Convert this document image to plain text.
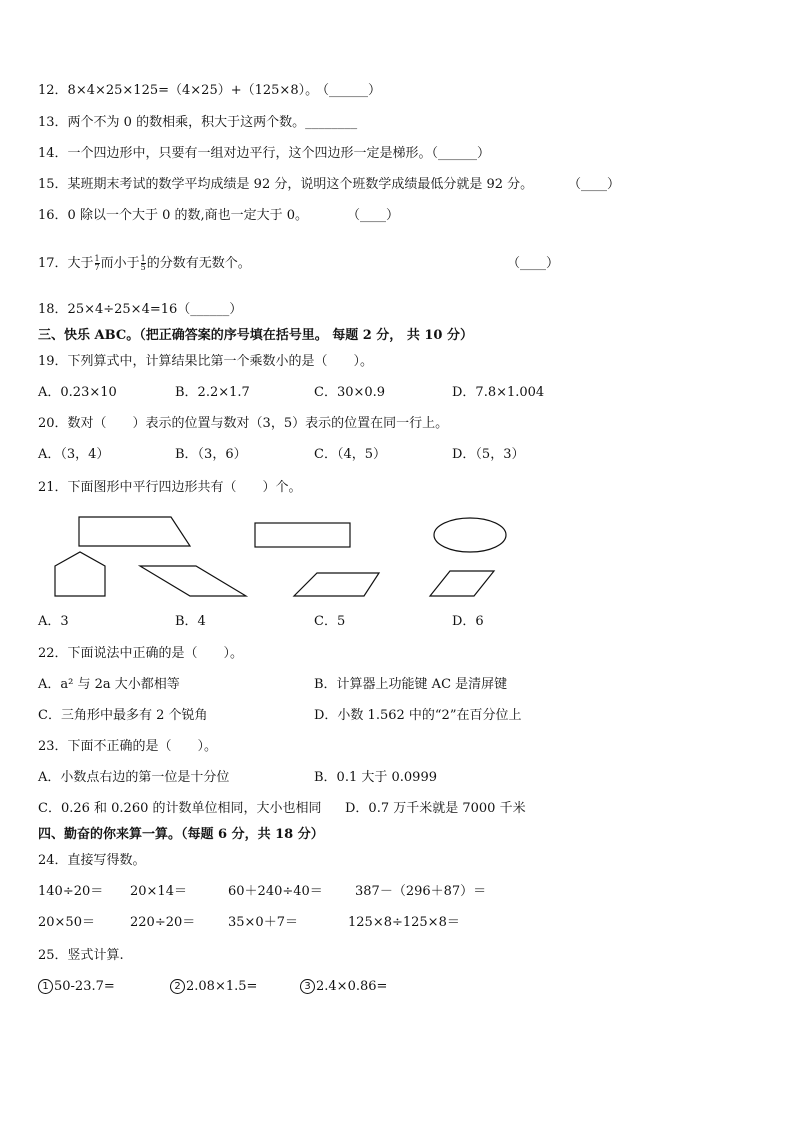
12．8×4×25×125=（4×25）+（125×8）。
（______）
13．两个不为 0 的数相乘，积大于这两个数。________
14．一个四边形中，只要有一组对边平行，这个四边形一定是梯形。（______）
15．某班期末考试的数学平均成绩是 92 分，说明这个班数学成绩最低分就是 92 分。	（____）
16．0 除以一个大于 0 的数,商也一定大于 0。	（____）
17．大于 $\frac{1}{7}$ 而小于 $\frac{1}{5}$ 的分数有无数个。	（____）
18．25×4÷25×4=16（______）
三、快乐 ABC。（把正确答案的序号填在括号里。 每题 2 分， 共 10 分）
19．下列算式中，计算结果比第一个乘数小的是（　　）。
A．0.23×10	B．2.2×1.7	C．30×0.9	D．7.8×1.004
20．数对（　　）表示的位置与数对（3，5）表示的位置在同一行上。
A．（3，4）	B．（3，6）	C．（4，5）	D．（5，3）
21．下面图形中平行四边形共有（　　）个。
A．3	B．4	C．5	D．6
22．下面说法中正确的是（　　）。
A．a² 与 2a 大小都相等	B．计算器上功能键 AC 是清屏键
C．三角形中最多有 2 个锐角	D．小数 1.562 中的“2”在百分位上
23．下面不正确的是（　　）。
A．小数点右边的第一位是十分位	B．0.1 大于 0.0999
C．0.26 和 0.260 的计数单位相同，大小也相同 D．0.7 万千米就是 7000 千米
四、勤奋的你来算一算。（每题 6 分，共 18 分）
24．直接写得数。
140÷20＝ 20×14＝	60＋240÷40＝ 387－（296＋87）＝
20×50＝	220÷20＝	35×0＋7＝	125×8÷125×8＝
25．竖式计算.
1 50-23.7=	2 2.08×1.5=	3 2.4×0.86=
